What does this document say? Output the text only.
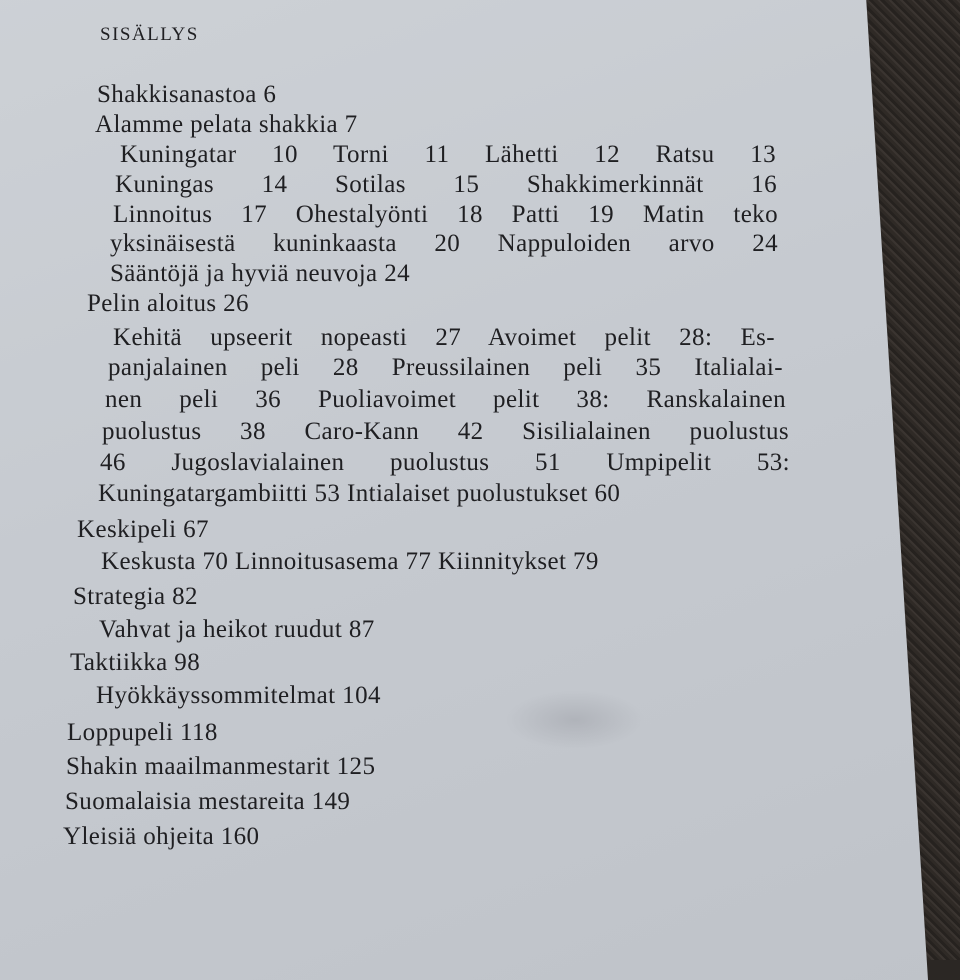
SISÄLLYS
Shakkisanastoa 6
Alamme pelata shakkia 7
Kuningatar 10 Torni 11 Lähetti 12 Ratsu 13
Kuningas 14 Sotilas 15 Shakkimerkinnät 16
Linnoitus 17 Ohestalyönti 18 Patti 19 Matin teko
yksinäisestä kuninkaasta 20 Nappuloiden arvo 24
Sääntöjä ja hyviä neuvoja 24
Pelin aloitus 26
Kehitä upseerit nopeasti 27 Avoimet pelit 28: Es-
panjalainen peli 28 Preussilainen peli 35 Italialai-
nen peli 36 Puoliavoimet pelit 38: Ranskalainen
puolustus 38 Caro-Kann 42 Sisilialainen puolustus
46 Jugoslavialainen puolustus 51 Umpipelit 53:
Kuningatargambiitti 53 Intialaiset puolustukset 60
Keskipeli 67
Keskusta 70 Linnoitusasema 77 Kiinnitykset 79
Strategia 82
Vahvat ja heikot ruudut 87
Taktiikka 98
Hyökkäyssommitelmat 104
Loppupeli 118
Shakin maailmanmestarit 125
Suomalaisia mestareita 149
Yleisiä ohjeita 160
